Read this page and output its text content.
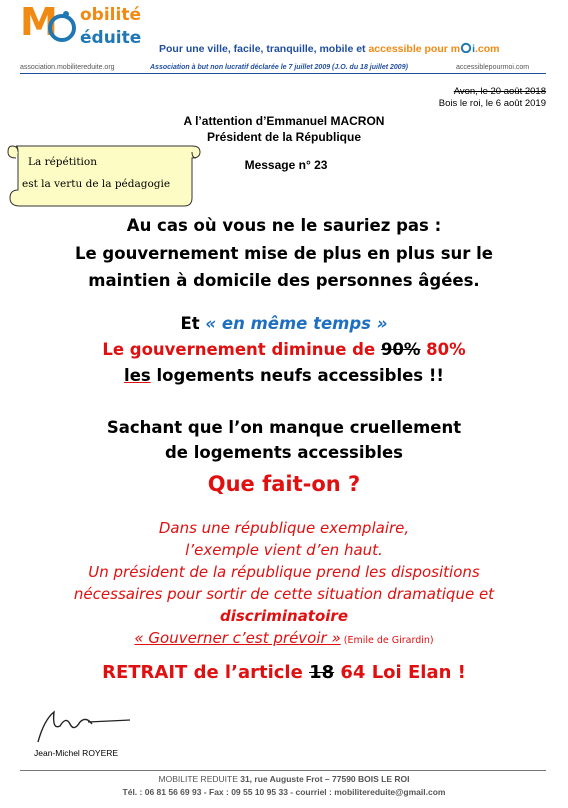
M obilité
éduite
Pour une ville, facile, tranquille, mobile et accessible pour m i.com
association.mobilitereduite.org	Association à but non lucratif déclarée le 7 juillet 2009 (J.O. du 18 juillet 2009)	accessiblepourmoi.com
Avon, le 20 août 2018
Bois le roi, le 6 août 2019
A l’attention d’Emmanuel MACRON
Président de la République
Message n° 23
La répétition
est la vertu de la pédagogie
Au cas où vous ne le sauriez pas :
Le gouvernement mise de plus en plus sur le
maintien à domicile des personnes âgées.
Et « en même temps »
Le gouvernement diminue de 90% 80%
les logements neufs accessibles !!
Sachant que l’on manque cruellement
de logements accessibles
Que fait-on ?
Dans une république exemplaire,
l’exemple vient d’en haut.
Un président de la république prend les dispositions
nécessaires pour sortir de cette situation dramatique et
discriminatoire
« Gouverner c’est prévoir » (Emile de Girardin)
RETRAIT de l’article 18 64 Loi Elan !
Jean-Michel ROYERE
MOBILITE REDUITE 31, rue Auguste Frot – 77590 BOIS LE ROI
Tél. : 06 81 56 69 93 - Fax : 09 55 10 95 33 - courriel : mobilitereduite@gmail.com
